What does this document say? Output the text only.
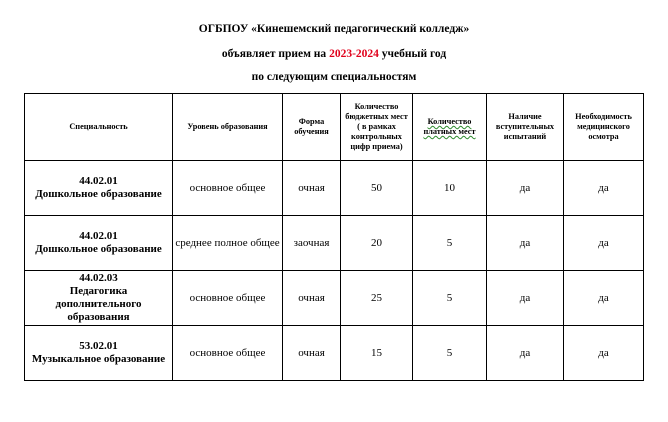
ОГБПОУ «Кинешемский педагогический колледж»
объявляет прием на 2023-2024 учебный год
по следующим специальностям
Специальность	Уровень образования	Форма обучения	Количество бюджетных мест ( в рамках контрольных цифр приема)	Количество платных мест	Наличие вступительных испытаний	Необходимость медицинского осмотра

44.02.01
Дошкольное образование	основное общее	очная	50	10	да	да

44.02.01
Дошкольное образование	среднее полное общее	заочная	20	5	да	да

44.02.03
Педагогика дополнительного образования	основное общее	очная	25	5	да	да

53.02.01
Музыкальное образование	основное общее	очная	15	5	да	да
